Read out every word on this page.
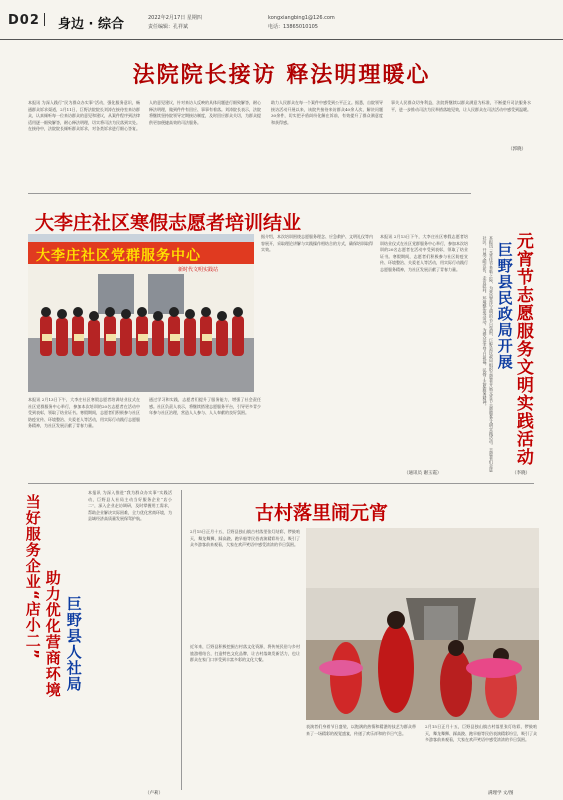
D02 身边 · 综合	2022年2月17日 星期四
责任编辑：孔祥斌
kongxiangbing1@126.com
电话：13865010105
法院院长接访 释法明理暖心
本报讯 为深入践行“民为群众办实事”活动，强化服务意识，畅通群众诉求渠道，2月11日，巨野法院院长刘涛在接待室来访群众，认真倾听每一位来访群众的意见和建议，从案件程序到法律适用逐一细致解答，耐心释法明理，切实将司法为民落到实处。在接待中，法院院长倾听群众诉求，对各类诉求进行细心答复。
人的意见建议，针对来访人反映的具体问题进行细致解答，耐心释法明理，做到件件有回应、事事有着落。刘涛院长表示，法院将继续坚持院领导定期接访制度，及时回应群众关切，为群众提供更加便捷高效的司法服务。
助力人民群众在每一个案件中感受到公平正义。据悉，自院领导接访活动开展以来，该院共接待来访群众40余人次，解决问题30余件，切实把矛盾纠纷化解在诉前，有效提升了群众满意度和获得感。
事关人民群众切身利益，法院将继续以群众满意为标准，不断提升司法服务水平，进一步推动司法为民举措落地见效，让人民群众在司法活动中感受到温暖。
（郭晓）
大李庄社区寒假志愿者培训结业
大李庄社区党群服务中心
新时代文明实践站
本报讯 2月13日下午，大李庄社区寒假志愿者培训结业仪式在社区党群服务中心举行，参加本次培训的20名志愿者在活动中受到表彰，领取了结业证书。寒假期间，志愿者们积极参与社区防疫宣传、环境整治、关爱老人等活动，用实际行动践行志愿服务精神，为社区发展贡献了青春力量。
通过学习和实践，志愿者们提升了服务能力，增强了社会责任感。社区负责人表示，将继续搭建志愿服务平台，引导更多青少年参与社区治理，营造人人参与、人人奉献的良好氛围。
据介绍，本次培训围绕志愿服务理念、应急救护、文明礼仪等内容展开，采取理论讲解与实践操作相结合的方式，确保培训取得实效。
本报讯 2月13日下午，大李庄社区寒假志愿者培训结业仪式在社区党群服务中心举行，参加本次培训的20名志愿者在活动中受到表彰，领取了结业证书。寒假期间，志愿者们积极参与社区防疫宣传、环境整治、关爱老人等活动，用实际行动践行志愿服务精神，为社区发展贡献了青春力量。
（通讯员 谢玉霞）
元宵节志愿服务文明实践活动
巨野县民政局开展
本报讯 元宵佳节来临之际，为营造喜庆文明的节日氛围，巨野县民政局组织志愿者开展元宵节志愿服务文明实践活动。志愿者们走进社区，开展文明宣传、走访慰问、环境整治等活动，为群众送去节日祝福，弘扬了志愿服务精神。
（李晓）
当好服务企业“店小二” 助力优化营商环境 巨野县人社局
本报讯 为深入推进“我为群众办实事”实践活动，巨野县人社局主动当好服务企业“店小二”，深入企业走访调研，及时掌握用工需求，帮助企业解决实际困难，全力优化营商环境，为县域经济高质量发展保驾护航。
（卢莉）
古村落里闹元宵
2月15日正月十五，巨野县独山镇古村落里张灯结彩，锣鼓喧天，舞龙舞狮、踩高跷、跑旱船等民俗表演精彩纷呈，吸引了众多游客前来观看，大家在欢声笑语中感受浓浓的节日氛围。
近年来，巨野县积极挖掘古村落文化资源，将传统民俗与乡村旅游相结合，打造特色文化品牌，让古村落焕发新活力，也让群众在家门口享受到丰富多彩的文化大餐。
表演者们身着节日盛装，以饱满的热情和精湛的技艺为群众带来了一场精彩的视觉盛宴，传递了欢乐祥和的节日气息。
2月15日正月十五，巨野县独山镇古村落里张灯结彩，锣鼓喧天，舞龙舞狮、踩高跷、跑旱船等民俗表演精彩纷呈，吸引了众多游客前来观看，大家在欢声笑语中感受浓浓的节日氛围。
满理学 文/图
